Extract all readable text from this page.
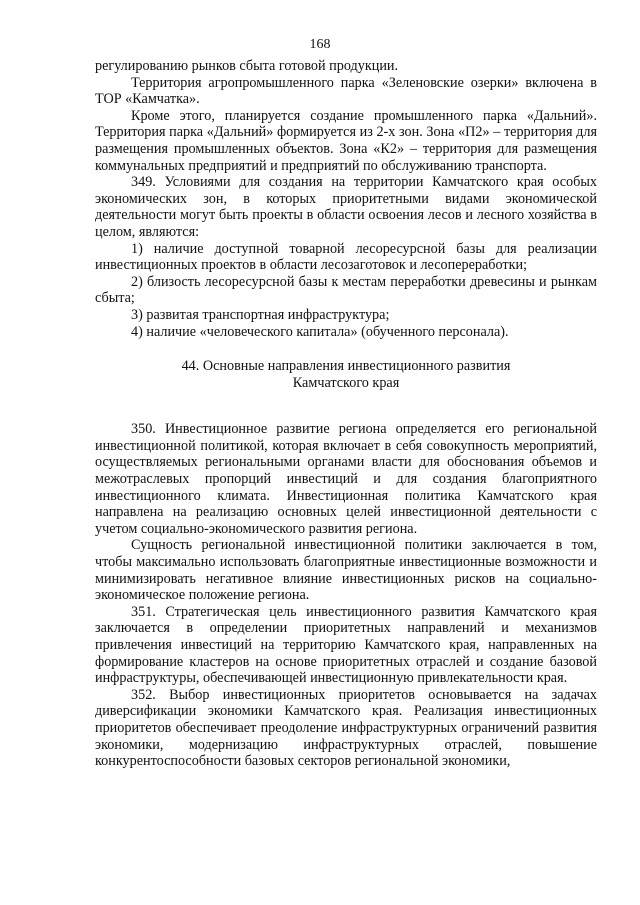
168

регулированию рынков сбыта готовой продукции.

Территория агропромышленного парка «Зеленовские озерки» включена в ТОР «Камчатка».

Кроме этого, планируется создание промышленного парка «Дальний». Территория парка «Дальний» формируется из 2-х зон. Зона «П2» – территория для размещения промышленных объектов. Зона «К2» – территория для размещения коммунальных предприятий и предприятий по обслуживанию транспорта.

349. Условиями для создания на территории Камчатского края особых экономических зон, в которых приоритетными видами экономической деятельности могут быть проекты в области освоения лесов и лесного хозяйства в целом, являются:

1) наличие доступной товарной лесоресурсной базы для реализации инвестиционных проектов в области лесозаготовок и лесопереработки;

2) близость лесоресурсной базы к местам переработки древесины и рынкам сбыта;

3) развитая транспортная инфраструктура;

4) наличие «человеческого капитала» (обученного персонала).

44. Основные направления инвестиционного развития
Камчатского края

350. Инвестиционное развитие региона определяется его региональной инвестиционной политикой, которая включает в себя совокупность мероприятий, осуществляемых региональными органами власти для обоснования объемов и межотраслевых пропорций инвестиций и для создания благоприятного инвестиционного климата. Инвестиционная политика Камчатского края направлена на реализацию основных целей инвестиционной деятельности с учетом социально-экономического развития региона.

Сущность региональной инвестиционной политики заключается в том, чтобы максимально использовать благоприятные инвестиционные возможности и минимизировать негативное влияние инвестиционных рисков на социально-экономическое положение региона.

351. Стратегическая цель инвестиционного развития Камчатского края заключается в определении приоритетных направлений и механизмов привлечения инвестиций на территорию Камчатского края, направленных на формирование кластеров на основе приоритетных отраслей и создание базовой инфраструктуры, обеспечивающей инвестиционную привлекательности края.

352. Выбор инвестиционных приоритетов основывается на задачах диверсификации экономики Камчатского края. Реализация инвестиционных приоритетов обеспечивает преодоление инфраструктурных ограничений развития экономики, модернизацию инфраструктурных отраслей, повышение конкурентоспособности базовых секторов региональной экономики,
